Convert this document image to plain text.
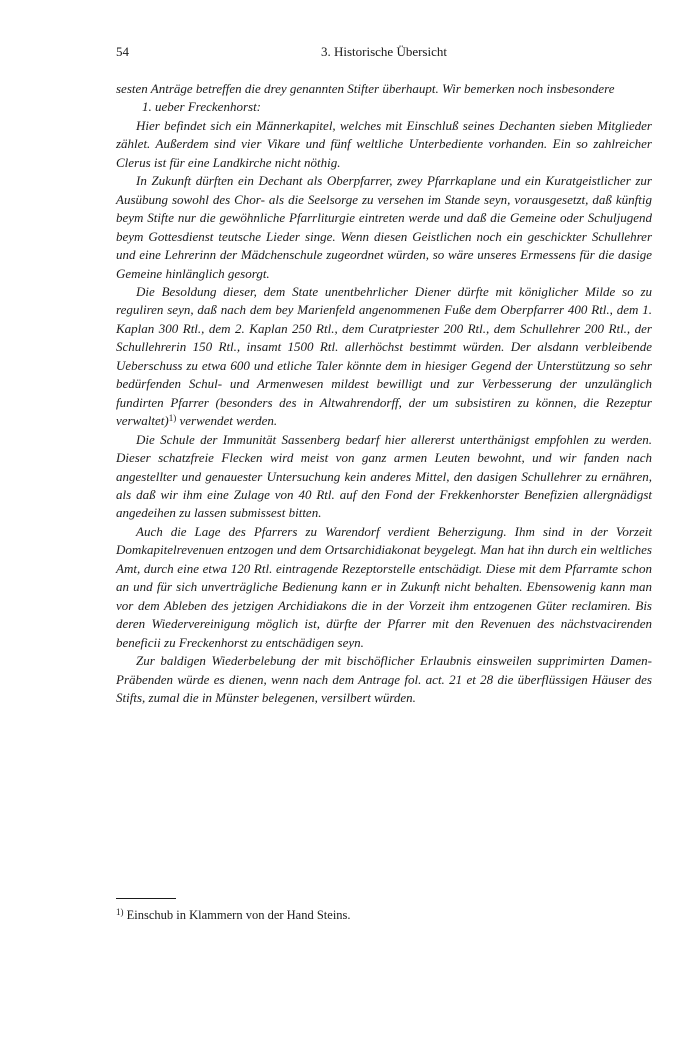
54	3. Historische Übersicht

sesten Anträge betreffen die drey genannten Stifter überhaupt. Wir bemerken noch insbesondere

1. ueber Freckenhorst:

Hier befindet sich ein Männerkapitel, welches mit Einschluß seines Dechanten sieben Mitglieder zählet. Außerdem sind vier Vikare und fünf weltliche Unterbediente vorhanden. Ein so zahlreicher Clerus ist für eine Landkirche nicht nöthig.

In Zukunft dürften ein Dechant als Oberpfarrer, zwey Pfarrkaplane und ein Kuratgeistlicher zur Ausübung sowohl des Chor- als die Seelsorge zu versehen im Stande seyn, vorausgesetzt, daß künftig beym Stifte nur die gewöhnliche Pfarrliturgie eintreten werde und daß die Gemeine oder Schuljugend beym Gottesdienst teutsche Lieder singe. Wenn diesen Geistlichen noch ein geschickter Schullehrer und eine Lehrerinn der Mädchenschule zugeordnet würden, so wäre unseres Ermessens für die dasige Gemeine hinlänglich gesorgt.

Die Besoldung dieser, dem State unentbehrlicher Diener dürfte mit königlicher Milde so zu reguliren seyn, daß nach dem bey Marienfeld angenommenen Fuße dem Oberpfarrer 400 Rtl., dem 1. Kaplan 300 Rtl., dem 2. Kaplan 250 Rtl., dem Curatpriester 200 Rtl., dem Schullehrer 200 Rtl., der Schullehrerin 150 Rtl., insamt 1500 Rtl. allerhöchst bestimmt würden. Der alsdann verbleibende Ueberschuss zu etwa 600 und etliche Taler könnte dem in hiesiger Gegend der Unterstützung so sehr bedürfenden Schul- und Armenwesen mildest bewilligt und zur Verbesserung der unzulänglich fundirten Pfarrer (besonders des in Altwahrendorff, der um subsistiren zu können, die Rezeptur verwaltet)$^{1)}$ verwendet werden.

Die Schule der Immunität Sassenberg bedarf hier allererst unterthänigst empfohlen zu werden. Dieser schatzfreie Flecken wird meist von ganz armen Leuten bewohnt, und wir fanden nach angestellter und genauester Untersuchung kein anderes Mittel, den dasigen Schullehrer zu ernähren, als daß wir ihm eine Zulage von 40 Rtl. auf den Fond der Frekkenhorster Benefizien allergnädigst angedeihen zu lassen submissest bitten.

Auch die Lage des Pfarrers zu Warendorf verdient Beherzigung. Ihm sind in der Vorzeit Domkapitelrevenuen entzogen und dem Ortsarchidiakonat beygelegt. Man hat ihn durch ein weltliches Amt, durch eine etwa 120 Rtl. eintragende Rezeptorstelle entschädigt. Diese mit dem Pfarramte schon an und für sich unverträgliche Bedienung kann er in Zukunft nicht behalten. Ebensowenig kann man vor dem Ableben des jetzigen Archidiakons die in der Vorzeit ihm entzogenen Güter reclamiren. Bis deren Wiedervereinigung möglich ist, dürfte der Pfarrer mit den Revenuen des nächstvacirenden beneficii zu Freckenhorst zu entschädigen seyn.

Zur baldigen Wiederbelebung der mit bischöflicher Erlaubnis einsweilen supprimirten Damen-Präbenden würde es dienen, wenn nach dem Antrage fol. act. 21 et 28 die überflüssigen Häuser des Stifts, zumal die in Münster belegenen, versilbert würden.

$^{1)}$ Einschub in Klammern von der Hand Steins.
